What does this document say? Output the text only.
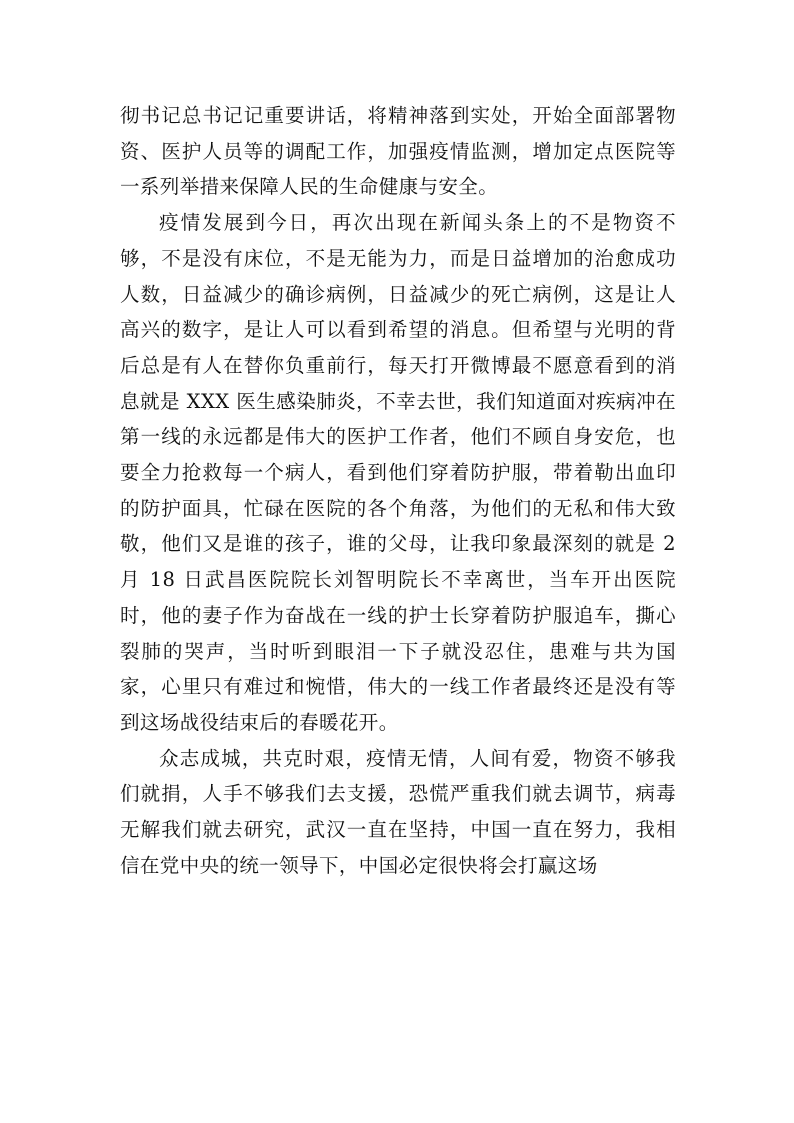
彻书记总书记记重要讲话，将精神落到实处，开始全面部署物资、医护人员等的调配工作，加强疫情监测，增加定点医院等一系列举措来保障人民的生命健康与安全。

疫情发展到今日，再次出现在新闻头条上的不是物资不够，不是没有床位，不是无能为力，而是日益增加的治愈成功人数，日益减少的确诊病例，日益减少的死亡病例，这是让人高兴的数字，是让人可以看到希望的消息。但希望与光明的背后总是有人在替你负重前行，每天打开微博最不愿意看到的消息就是 XXX 医生感染肺炎，不幸去世，我们知道面对疾病冲在第一线的永远都是伟大的医护工作者，他们不顾自身安危，也要全力抢救每一个病人，看到他们穿着防护服，带着勒出血印的防护面具，忙碌在医院的各个角落，为他们的无私和伟大致敬，他们又是谁的孩子，谁的父母，让我印象最深刻的就是 2 月 18 日武昌医院院长刘智明院长不幸离世，当车开出医院时，他的妻子作为奋战在一线的护士长穿着防护服追车，撕心裂肺的哭声，当时听到眼泪一下子就没忍住，患难与共为国家，心里只有难过和惋惜，伟大的一线工作者最终还是没有等到这场战役结束后的春暖花开。

众志成城，共克时艰，疫情无情，人间有爱，物资不够我们就捐，人手不够我们去支援，恐慌严重我们就去调节，病毒无解我们就去研究，武汉一直在坚持，中国一直在努力，我相信在党中央的统一领导下，中国必定很快将会打赢这场
